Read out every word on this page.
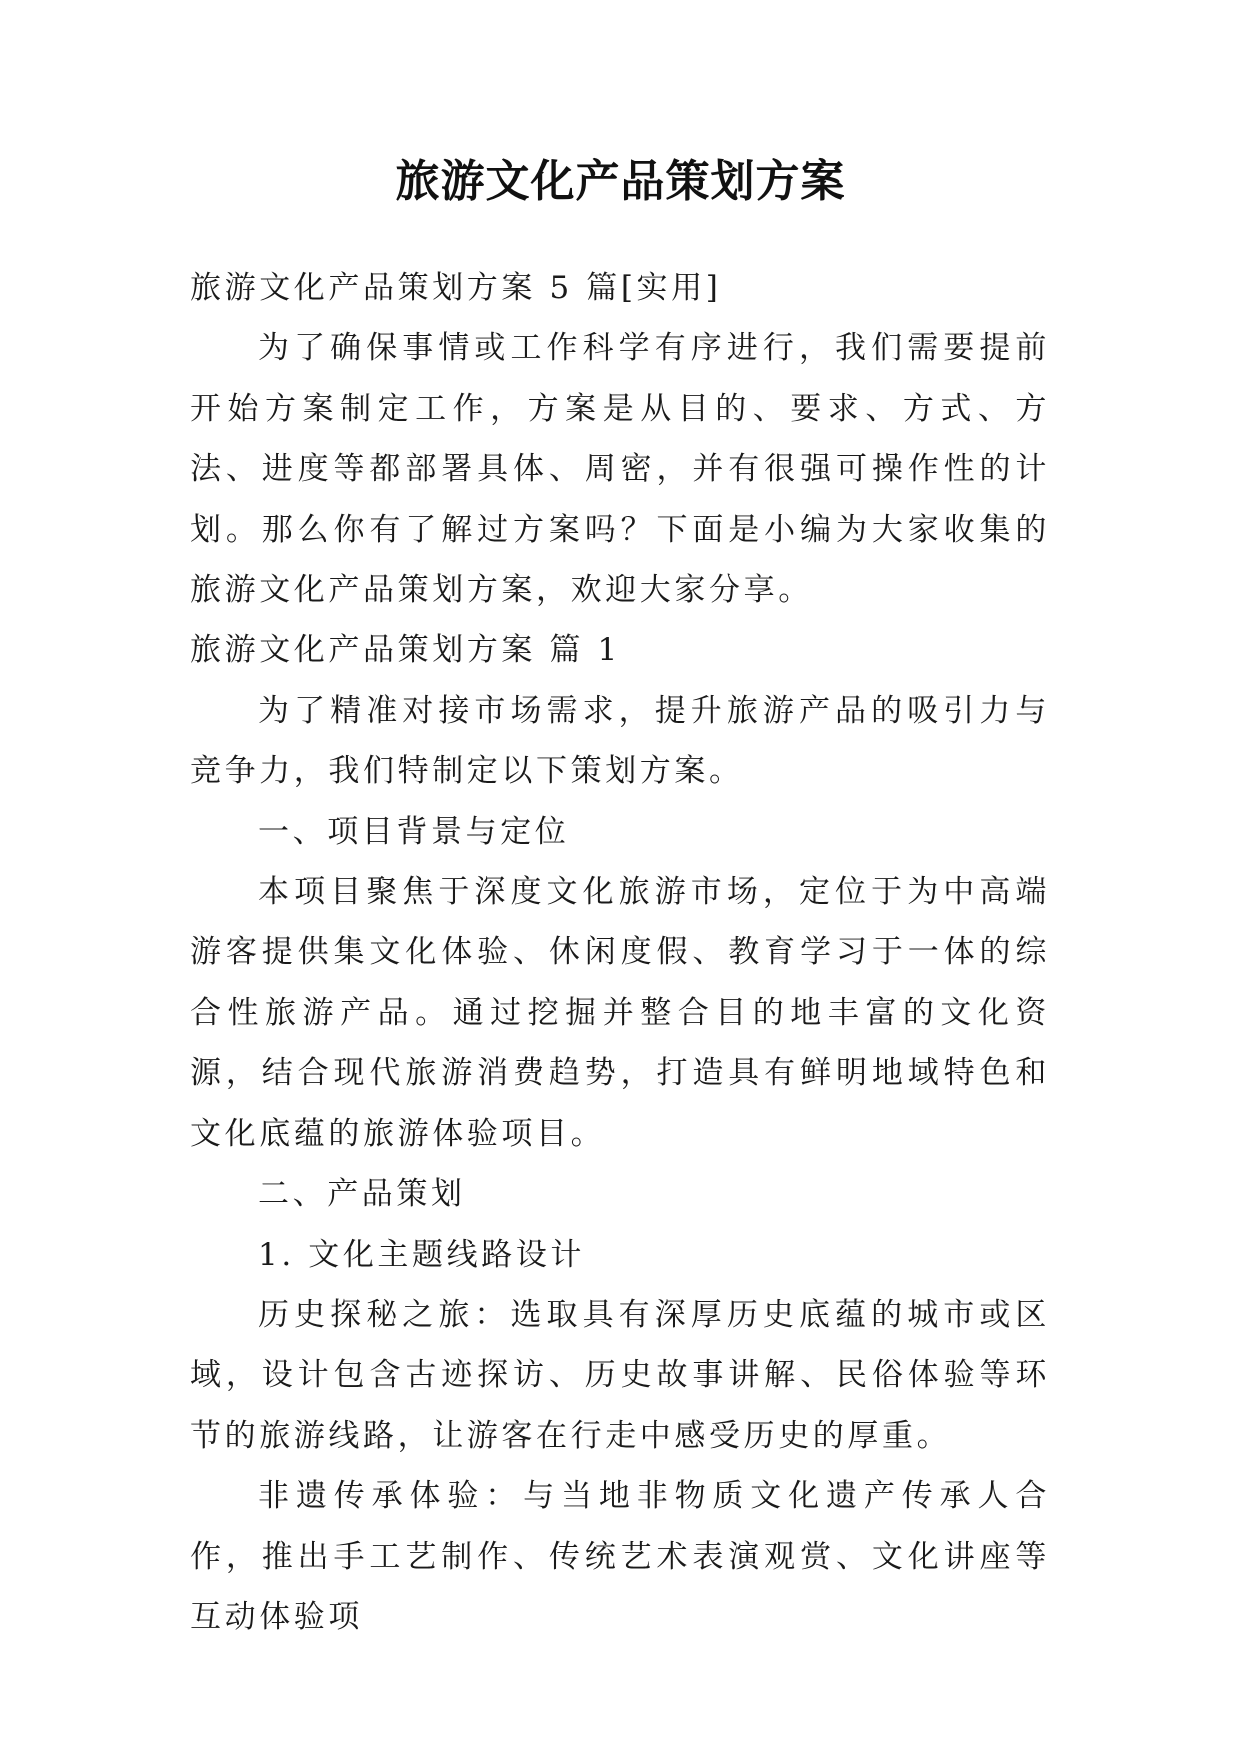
旅游文化产品策划方案

旅游文化产品策划方案 5 篇[实用]

为了确保事情或工作科学有序进行，我们需要提前开始方案制定工作，方案是从目的、要求、方式、方法、进度等都部署具体、周密，并有很强可操作性的计划。那么你有了解过方案吗？下面是小编为大家收集的旅游文化产品策划方案，欢迎大家分享。

旅游文化产品策划方案 篇 1

为了精准对接市场需求，提升旅游产品的吸引力与竞争力，我们特制定以下策划方案。

一、项目背景与定位

本项目聚焦于深度文化旅游市场，定位于为中高端游客提供集文化体验、休闲度假、教育学习于一体的综合性旅游产品。通过挖掘并整合目的地丰富的文化资源，结合现代旅游消费趋势，打造具有鲜明地域特色和文化底蕴的旅游体验项目。

二、产品策划

1. 文化主题线路设计

历史探秘之旅：选取具有深厚历史底蕴的城市或区域，设计包含古迹探访、历史故事讲解、民俗体验等环节的旅游线路，让游客在行走中感受历史的厚重。

非遗传承体验：与当地非物质文化遗产传承人合作，推出手工艺制作、传统艺术表演观赏、文化讲座等互动体验项
